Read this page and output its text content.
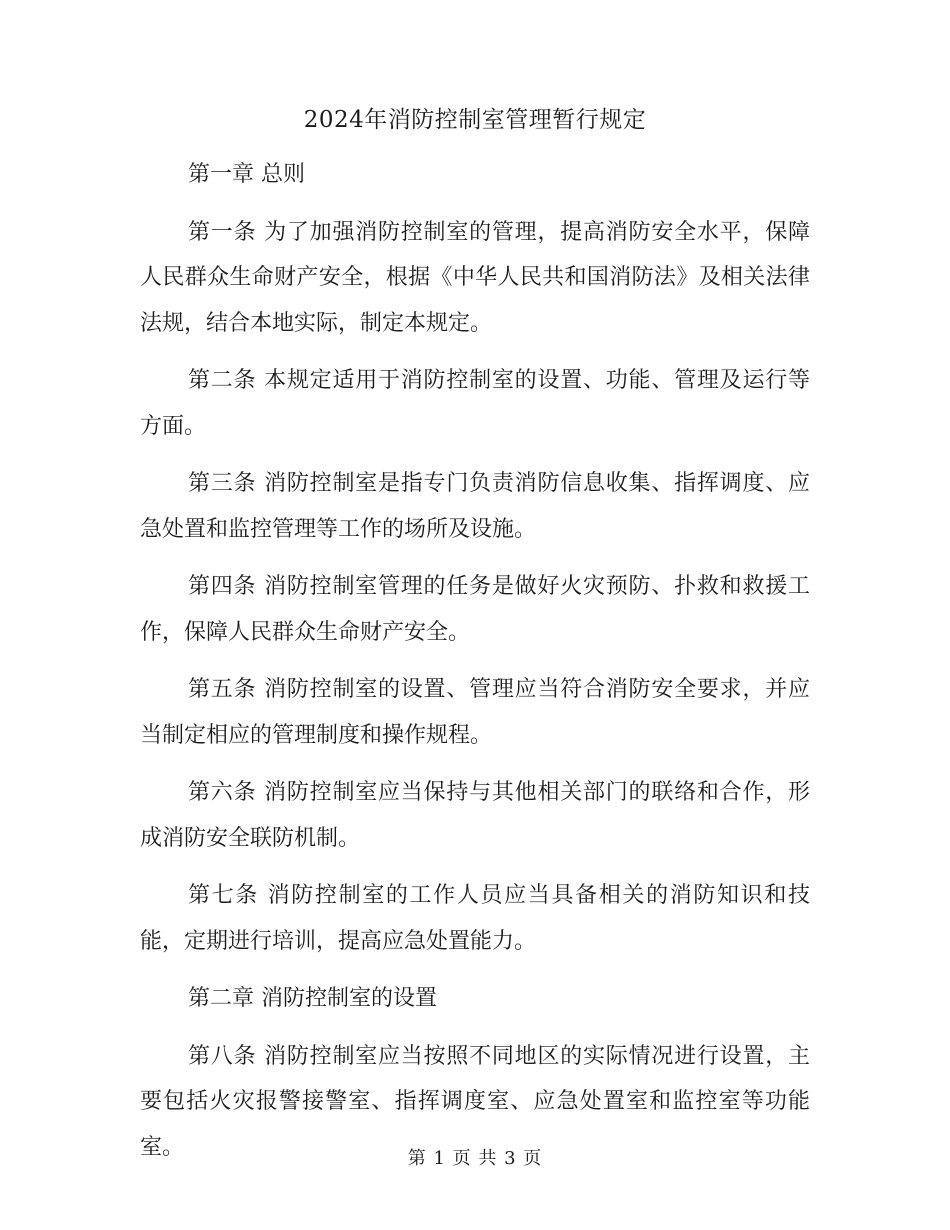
2024年消防控制室管理暂行规定

第一章 总则

第一条 为了加强消防控制室的管理，提高消防安全水平，保障人民群众生命财产安全，根据《中华人民共和国消防法》及相关法律法规，结合本地实际，制定本规定。

第二条 本规定适用于消防控制室的设置、功能、管理及运行等方面。

第三条 消防控制室是指专门负责消防信息收集、指挥调度、应急处置和监控管理等工作的场所及设施。

第四条 消防控制室管理的任务是做好火灾预防、扑救和救援工作，保障人民群众生命财产安全。

第五条 消防控制室的设置、管理应当符合消防安全要求，并应当制定相应的管理制度和操作规程。

第六条 消防控制室应当保持与其他相关部门的联络和合作，形成消防安全联防机制。

第七条 消防控制室的工作人员应当具备相关的消防知识和技能，定期进行培训，提高应急处置能力。

第二章 消防控制室的设置

第八条 消防控制室应当按照不同地区的实际情况进行设置，主要包括火灾报警接警室、指挥调度室、应急处置室和监控室等功能室。	第 1 页 共 3 页
